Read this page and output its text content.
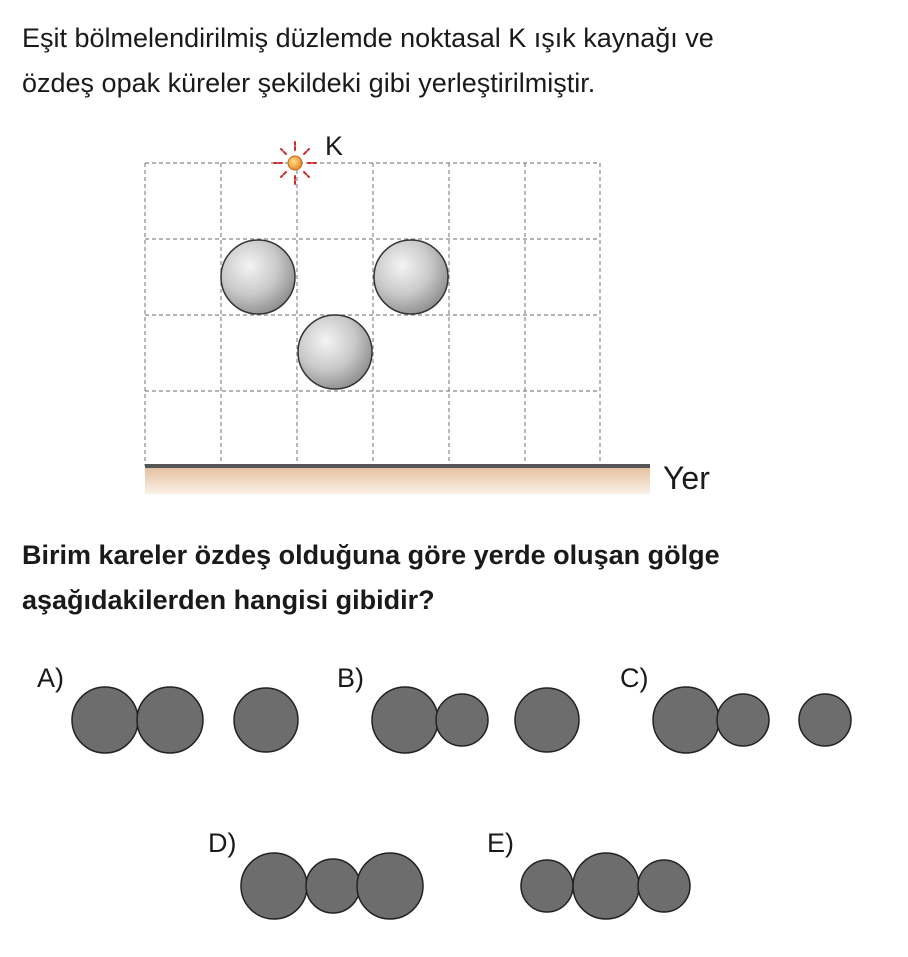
Eşit bölmelendirilmiş düzlemde noktasal K ışık kaynağı ve
özdeş opak küreler şekildeki gibi yerleştirilmiştir.

K
Yer

Birim kareler özdeş olduğuna göre yerde oluşan gölge
aşağıdakilerden hangisi gibidir?

A)	B)	C)
D)	E)
